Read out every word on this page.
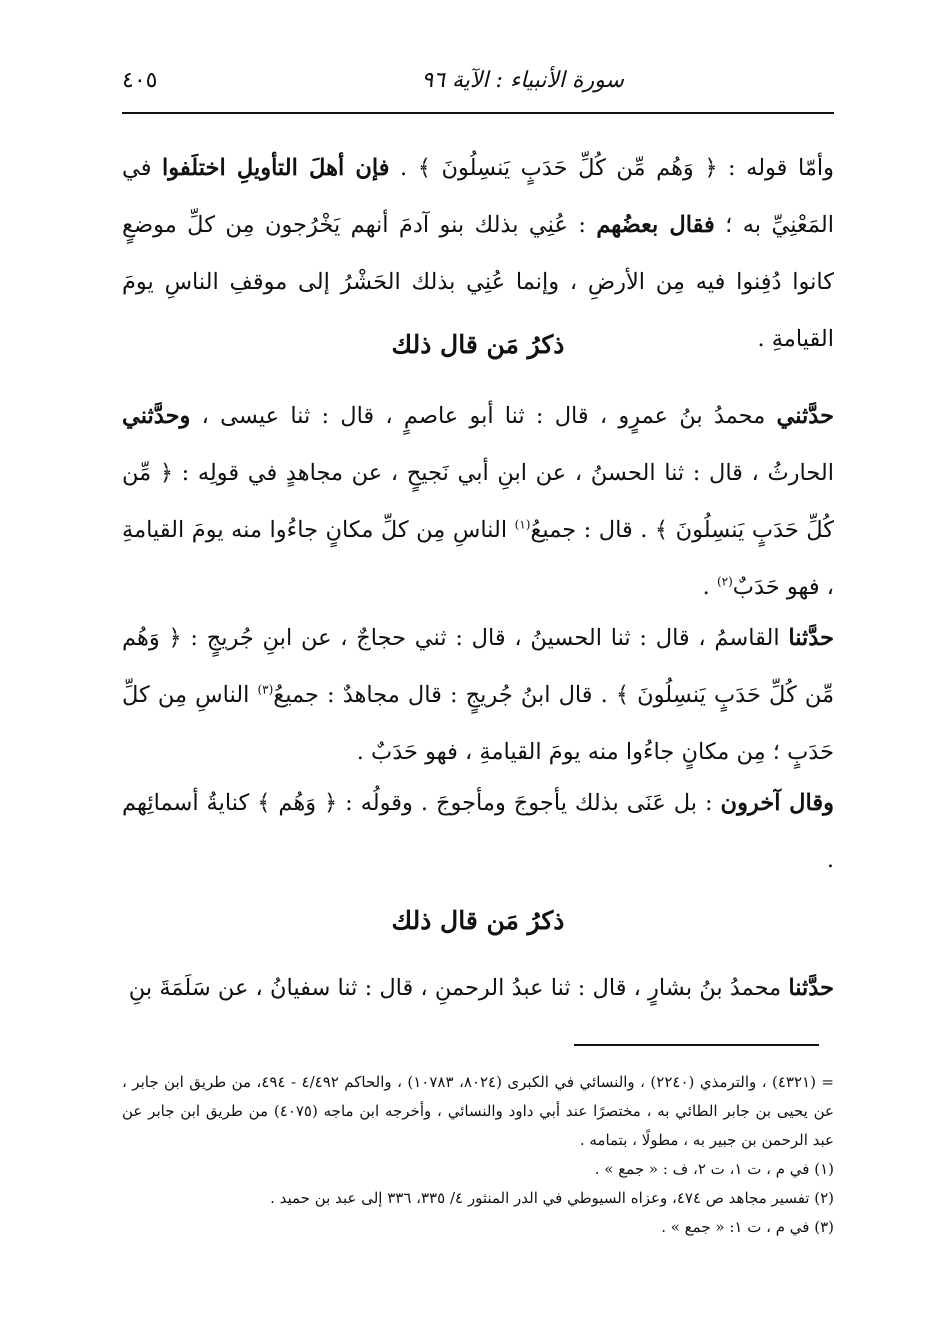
٤٠٥	سورة الأنبياء : الآية ٩٦
وأمّا قوله : ﴿ وَهُم مِّن كُلِّ حَدَبٍ يَنسِلُونَ ﴾ . فإن أهلَ التأويلِ اختلَفوا في المَعْنِيِّ به ؛ فقال بعضُهم : عُنِي بذلك بنو آدمَ أنهم يَخْرُجون مِن كلِّ موضعٍ كانوا دُفِنوا فيه مِن الأرضِ ، وإنما عُنِي بذلك الحَشْرُ إلى موقفِ الناسِ يومَ القيامةِ .
ذكرُ مَن قال ذلك
حدَّثني محمدُ بنُ عمرٍو ، قال : ثنا أبو عاصمٍ ، قال : ثنا عيسى ، وحدَّثني الحارثُ ، قال : ثنا الحسنُ ، عن ابنِ أبي نَجيحٍ ، عن مجاهدٍ في قولِه : ﴿ مِّن كُلِّ حَدَبٍ يَنسِلُونَ ﴾ . قال : جميعُ$^{(١)}$ الناسِ مِن كلِّ مكانٍ جاءُوا منه يومَ القيامةِ ، فهو حَدَبٌ$^{(٢)}$ .
حدَّثنا القاسمُ ، قال : ثنا الحسينُ ، قال : ثني حجاجٌ ، عن ابنِ جُريجٍ : ﴿ وَهُم مِّن كُلِّ حَدَبٍ يَنسِلُونَ ﴾ . قال ابنُ جُريجٍ : قال مجاهدٌ : جميعُ$^{(٣)}$ الناسِ مِن كلِّ حَدَبٍ ؛ مِن مكانٍ جاءُوا منه يومَ القيامةِ ، فهو حَدَبٌ .
وقال آخرون : بل عَنَى بذلك يأجوجَ ومأجوجَ . وقولُه : ﴿ وَهُم ﴾ كنايةُ أسمائِهم .
ذكرُ مَن قال ذلك
حدَّثنا محمدُ بنُ بشارٍ ، قال : ثنا عبدُ الرحمنِ ، قال : ثنا سفيانُ ، عن سَلَمَةَ بنِ

= (٤٣٢١) ، والترمذي (٢٢٤٠) ، والنسائي في الكبرى (٨٠٢٤، ١٠٧٨٣) ، والحاكم ٤/٤٩٢ - ٤٩٤، من طريق ابن جابر ، عن يحيى بن جابر الطائي به ، مختصرًا عند أبي داود والنسائي ، وأخرجه ابن ماجه (٤٠٧٥) من طريق ابن جابر عن عبد الرحمن بن جبير به ، مطولًا ، بتمامه .

(١) في م ، ت ١، ت ٢، ف : « جمع » .

(٢) تفسير مجاهد ص ٤٧٤، وعزاه السيوطي في الدر المنثور ٤/ ٣٣٥، ٣٣٦ إلى عبد بن حميد .

(٣) في م ، ت ١: « جمع » .
